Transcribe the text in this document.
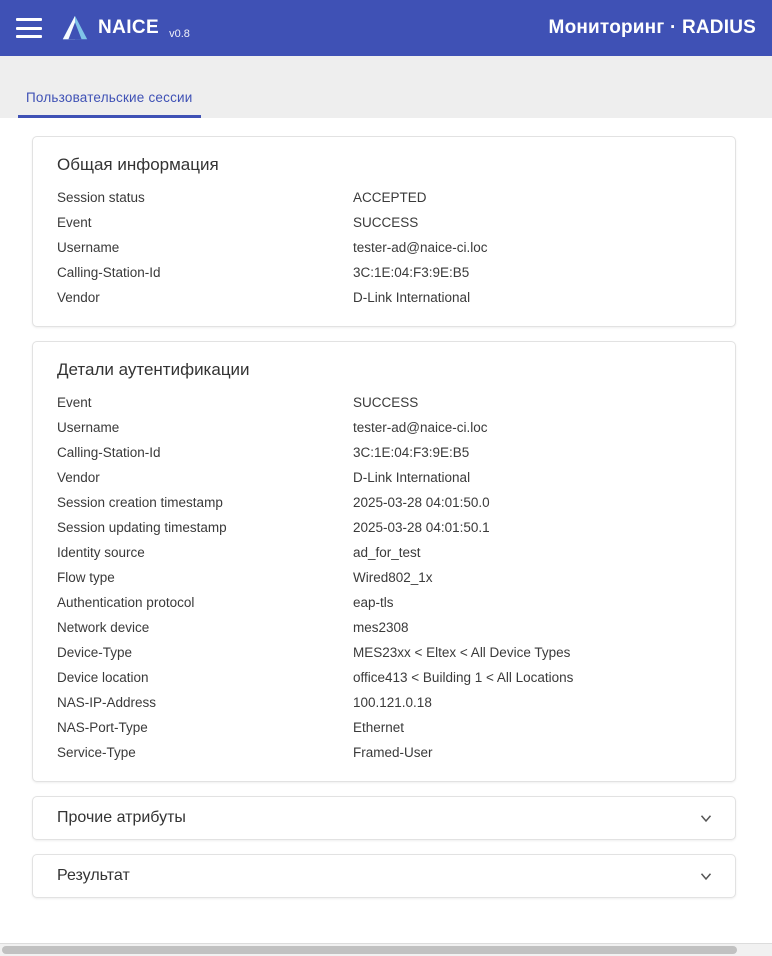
NAICE v0.8	Мониторинг · RADIUS
Пользовательские сессии
Общая информация
Session status	ACCEPTED
Event	SUCCESS
Username	tester-ad@naice-ci.loc
Calling-Station-Id	3C:1E:04:F3:9E:B5
Vendor	D-Link International
Детали аутентификации
Event	SUCCESS
Username	tester-ad@naice-ci.loc
Calling-Station-Id	3C:1E:04:F3:9E:B5
Vendor	D-Link International
Session creation timestamp	2025-03-28 04:01:50.0
Session updating timestamp	2025-03-28 04:01:50.1
Identity source	ad_for_test
Flow type	Wired802_1x
Authentication protocol	eap-tls
Network device	mes2308
Device-Type	MES23xx < Eltex < All Device Types
Device location	office413 < Building 1 < All Locations
NAS-IP-Address	100.121.0.18
NAS-Port-Type	Ethernet
Service-Type	Framed-User
Прочие атрибуты
Результат
